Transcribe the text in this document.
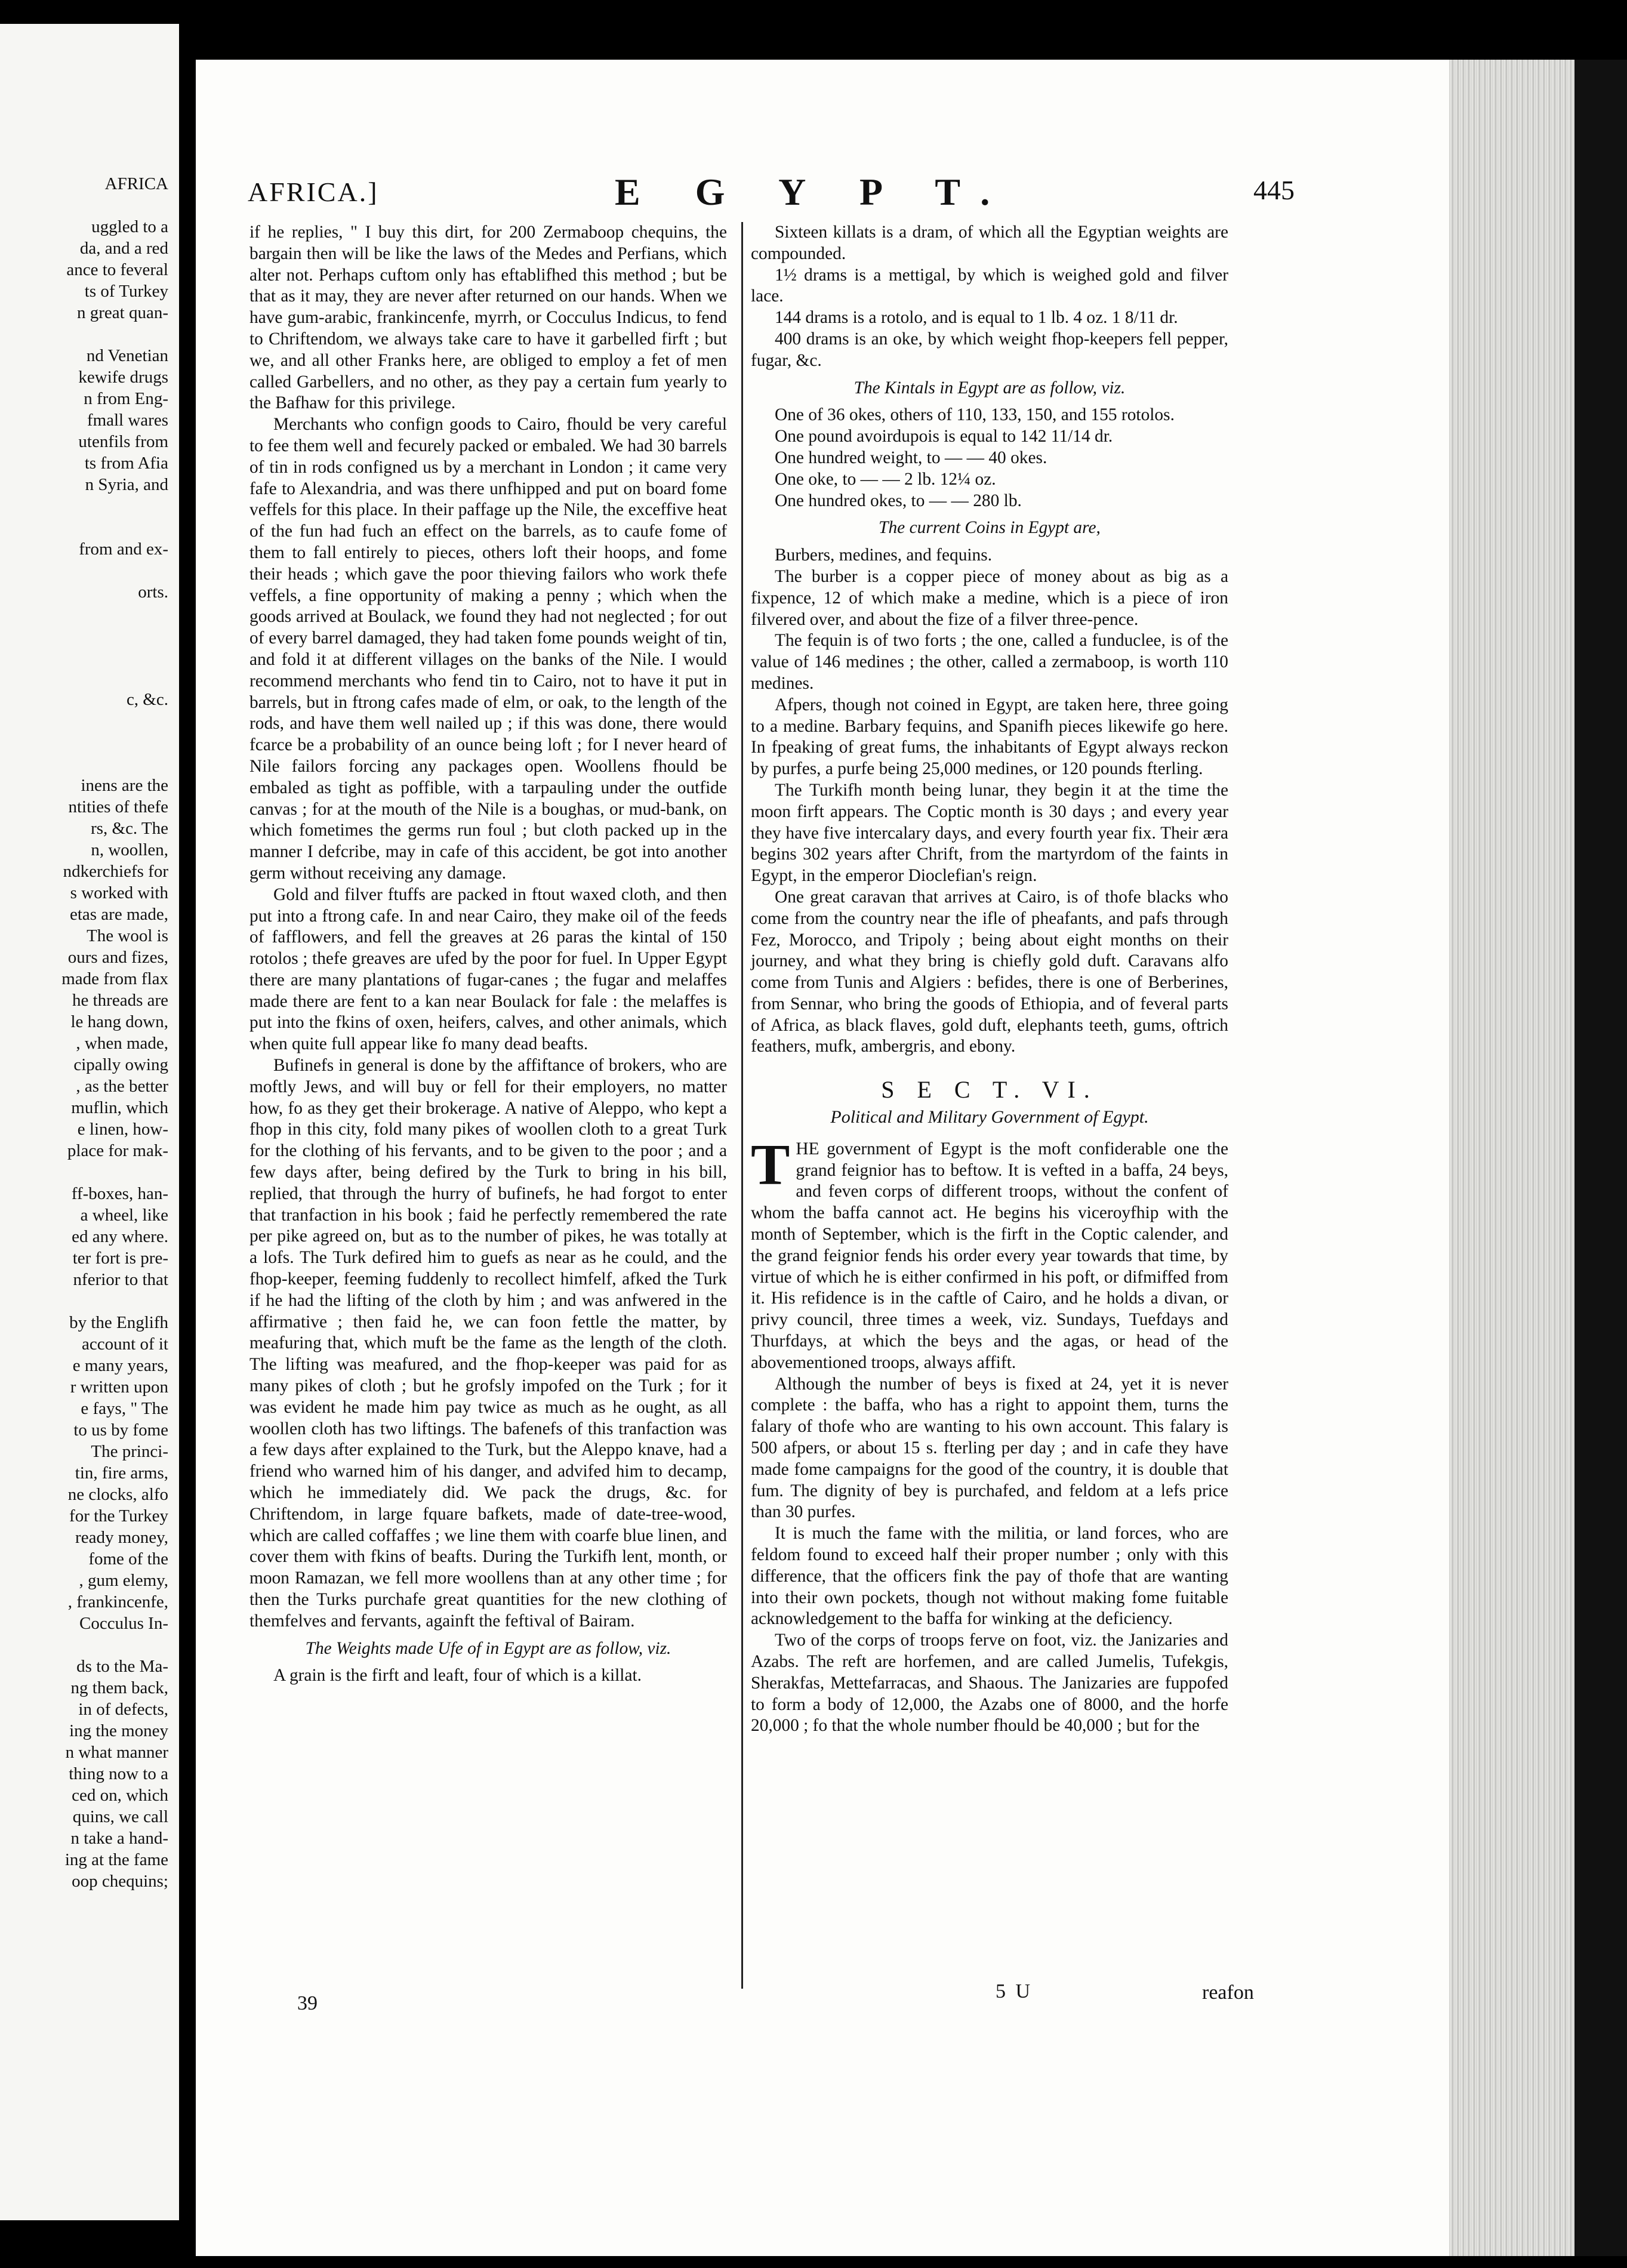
AFRICA
uggled to a
da, and a red
ance to feveral
ts of Turkey
n great quan-
nd Venetian
kewife drugs
n from Eng-
fmall wares
utenfils from
ts from Afia
n Syria, and
from and ex-
orts.
c, &c.
inens are the
ntities of thefe
rs, &c. The
n, woollen,
ndkerchiefs for
s worked with
etas are made,
The wool is
ours and fizes,
made from flax
he threads are
le hang down,
, when made,
cipally owing
, as the better
muflin, which
e linen, how-
place for mak-
ff-boxes, han-
a wheel, like
ed any where.
ter fort is pre-
nferior to that
by the Englifh
account of it
e many years,
r written upon
e fays, " The
to us by fome
The princi-
tin, fire arms,
ne clocks, alfo
for the Turkey
ready money,
fome of the
, gum elemy,
, frankincenfe,
Cocculus In-
ds to the Ma-
ng them back,
in of defects,
ing the money
n what manner
thing now to a
ced on, which
quins, we call
n take a hand-
ing at the fame
oop chequins;
AFRICA.]	E G Y P T.	445

if he replies, " I buy this dirt, for 200 Zermaboop chequins, the bargain then will be like the laws of the Medes and Perfians, which alter not. Perhaps cuftom only has eftablifhed this method ; but be that as it may, they are never after returned on our hands. When we have gum-arabic, frankincenfe, myrrh, or Cocculus Indicus, to fend to Chriftendom, we always take care to have it garbelled firft ; but we, and all other Franks here, are obliged to employ a fet of men called Garbellers, and no other, as they pay a certain fum yearly to the Bafhaw for this privilege.

Merchants who confign goods to Cairo, fhould be very careful to fee them well and fecurely packed or embaled. We had 30 barrels of tin in rods configned us by a merchant in London ; it came very fafe to Alexandria, and was there unfhipped and put on board fome veffels for this place. In their paffage up the Nile, the exceffive heat of the fun had fuch an effect on the barrels, as to caufe fome of them to fall entirely to pieces, others loft their hoops, and fome their heads ; which gave the poor thieving failors who work thefe veffels, a fine opportunity of making a penny ; which when the goods arrived at Boulack, we found they had not neglected ; for out of every barrel damaged, they had taken fome pounds weight of tin, and fold it at different villages on the banks of the Nile. I would recommend merchants who fend tin to Cairo, not to have it put in barrels, but in ftrong cafes made of elm, or oak, to the length of the rods, and have them well nailed up ; if this was done, there would fcarce be a probability of an ounce being loft ; for I never heard of Nile failors forcing any packages open. Woollens fhould be embaled as tight as poffible, with a tarpauling under the outfide canvas ; for at the mouth of the Nile is a boughas, or mud-bank, on which fometimes the germs run foul ; but cloth packed up in the manner I defcribe, may in cafe of this accident, be got into another germ without receiving any damage.

Gold and filver ftuffs are packed in ftout waxed cloth, and then put into a ftrong cafe. In and near Cairo, they make oil of the feeds of fafflowers, and fell the greaves at 26 paras the kintal of 150 rotolos ; thefe greaves are ufed by the poor for fuel. In Upper Egypt there are many plantations of fugar-canes ; the fugar and melaffes made there are fent to a kan near Boulack for fale : the melaffes is put into the fkins of oxen, heifers, calves, and other animals, which when quite full appear like fo many dead beafts.

Bufinefs in general is done by the affiftance of brokers, who are moftly Jews, and will buy or fell for their employers, no matter how, fo as they get their brokerage. A native of Aleppo, who kept a fhop in this city, fold many pikes of woollen cloth to a great Turk for the clothing of his fervants, and to be given to the poor ; and a few days after, being defired by the Turk to bring in his bill, replied, that through the hurry of bufinefs, he had forgot to enter that tranfaction in his book ; faid he perfectly remembered the rate per pike agreed on, but as to the number of pikes, he was totally at a lofs. The Turk defired him to guefs as near as he could, and the fhop-keeper, feeming fuddenly to recollect himfelf, afked the Turk if he had the lifting of the cloth by him ; and was anfwered in the affirmative ; then faid he, we can foon fettle the matter, by meafuring that, which muft be the fame as the length of the cloth. The lifting was meafured, and the fhop-keeper was paid for as many pikes of cloth ; but he grofsly impofed on the Turk ; for it was evident he made him pay twice as much as he ought, as all woollen cloth has two liftings. The bafenefs of this tranfaction was a few days after explained to the Turk, but the Aleppo knave, had a friend who warned him of his danger, and advifed him to decamp, which he immediately did. We pack the drugs, &c. for Chriftendom, in large fquare bafkets, made of date-tree-wood, which are called coffaffes ; we line them with coarfe blue linen, and cover them with fkins of beafts. During the Turkifh lent, month, or moon Ramazan, we fell more woollens than at any other time ; for then the Turks purchafe great quantities for the new clothing of themfelves and fervants, againft the feftival of Bairam.

The Weights made Ufe of in Egypt are as follow, viz.

A grain is the firft and leaft, four of which is a killat.

Sixteen killats is a dram, of which all the Egyptian weights are compounded.

1½ drams is a mettigal, by which is weighed gold and filver lace.

144 drams is a rotolo, and is equal to 1 lb. 4 oz. 1 8/11 dr.

400 drams is an oke, by which weight fhop-keepers fell pepper, fugar, &c.

The Kintals in Egypt are as follow, viz.

One of 36 okes, others of 110, 133, 150, and 155 rotolos.

One pound avoirdupois is equal to 142 11/14 dr.

One hundred weight, to — — 40 okes.

One oke, to — — 2 lb. 12¼ oz.

One hundred okes, to — — 280 lb.

The current Coins in Egypt are,

Burbers, medines, and fequins.

The burber is a copper piece of money about as big as a fixpence, 12 of which make a medine, which is a piece of iron filvered over, and about the fize of a filver three-pence.

The fequin is of two forts ; the one, called a funduclee, is of the value of 146 medines ; the other, called a zermaboop, is worth 110 medines.

Afpers, though not coined in Egypt, are taken here, three going to a medine. Barbary fequins, and Spanifh pieces likewife go here. In fpeaking of great fums, the inhabitants of Egypt always reckon by purfes, a purfe being 25,000 medines, or 120 pounds fterling.

The Turkifh month being lunar, they begin it at the time the moon firft appears. The Coptic month is 30 days ; and every year they have five intercalary days, and every fourth year fix. Their æra begins 302 years after Chrift, from the martyrdom of the faints in Egypt, in the emperor Dioclefian's reign.

One great caravan that arrives at Cairo, is of thofe blacks who come from the country near the ifle of pheafants, and pafs through Fez, Morocco, and Tripoly ; being about eight months on their journey, and what they bring is chiefly gold duft. Caravans alfo come from Tunis and Algiers : befides, there is one of Berberines, from Sennar, who bring the goods of Ethiopia, and of feveral parts of Africa, as black flaves, gold duft, elephants teeth, gums, oftrich feathers, mufk, ambergris, and ebony.

S E C T. VI.
Political and Military Government of Egypt.

THE government of Egypt is the moft confiderable one the grand feignior has to beftow. It is vefted in a baffa, 24 beys, and feven corps of different troops, without the confent of whom the baffa cannot act. He begins his viceroyfhip with the month of September, which is the firft in the Coptic calender, and the grand feignior fends his order every year towards that time, by virtue of which he is either confirmed in his poft, or difmiffed from it. His refidence is in the caftle of Cairo, and he holds a divan, or privy council, three times a week, viz. Sundays, Tuefdays and Thurfdays, at which the beys and the agas, or head of the abovementioned troops, always affift.

Although the number of beys is fixed at 24, yet it is never complete : the baffa, who has a right to appoint them, turns the falary of thofe who are wanting to his own account. This falary is 500 afpers, or about 15 s. fterling per day ; and in cafe they have made fome campaigns for the good of the country, it is double that fum. The dignity of bey is purchafed, and feldom at a lefs price than 30 purfes.

It is much the fame with the militia, or land forces, who are feldom found to exceed half their proper number ; only with this difference, that the officers fink the pay of thofe that are wanting into their own pockets, though not without making fome fuitable acknowledgement to the baffa for winking at the deficiency.

Two of the corps of troops ferve on foot, viz. the Janizaries and Azabs. The reft are horfemen, and are called Jumelis, Tufekgis, Sherakfas, Mettefarracas, and Shaous. The Janizaries are fuppofed to form a body of 12,000, the Azabs one of 8000, and the horfe 20,000 ; fo that the whole number fhould be 40,000 ; but for the

39
5 U	reafon
